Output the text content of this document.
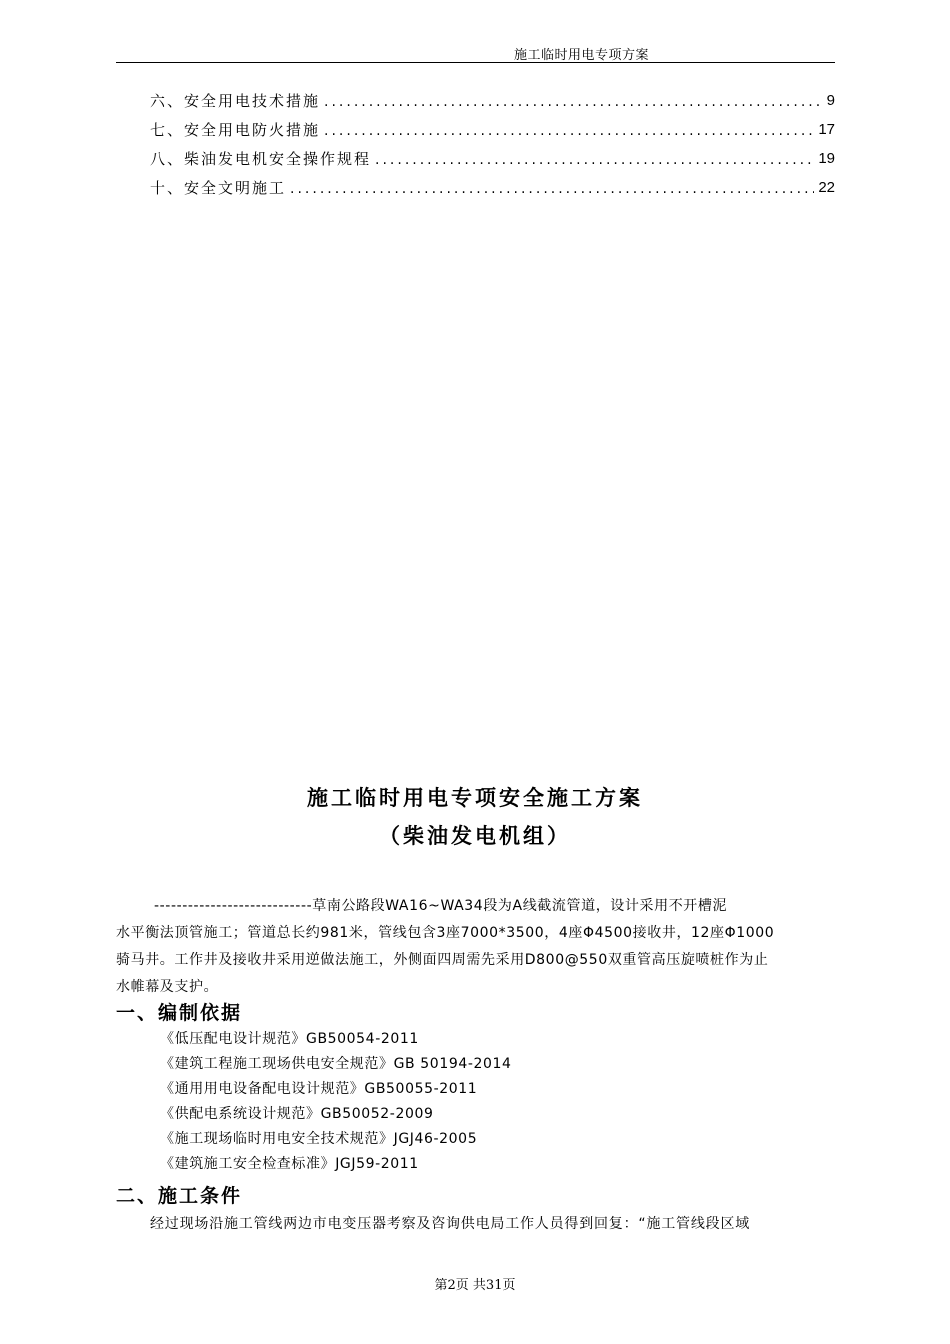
施工临时用电专项方案
六、安全用电技术措施 .....	9
七、安全用电防火措施 .....	17
八、柴油发电机安全操作规程 .....	19
十、安全文明施工 .....	22
施工临时用电专项安全施工方案
（柴油发电机组）
----------------------------草南公路段WA16~WA34段为A线截流管道，设计采用不开槽泥
水平衡法顶管施工；管道总长约981米，管线包含3座7000*3500，4座Φ4500接收井，12座Φ1000
骑马井。工作井及接收井采用逆做法施工，外侧面四周需先采用D800@550双重管高压旋喷桩作为止
水帷幕及支护。
一、编制依据
《低压配电设计规范》GB50054-2011
《建筑工程施工现场供电安全规范》GB 50194-2014
《通用用电设备配电设计规范》GB50055-2011
《供配电系统设计规范》GB50052-2009
《施工现场临时用电安全技术规范》JGJ46-2005
《建筑施工安全检查标准》JGJ59-2011
二、施工条件
经过现场沿施工管线两边市电变压器考察及咨询供电局工作人员得到回复：“施工管线段区域
第2页 共31页
